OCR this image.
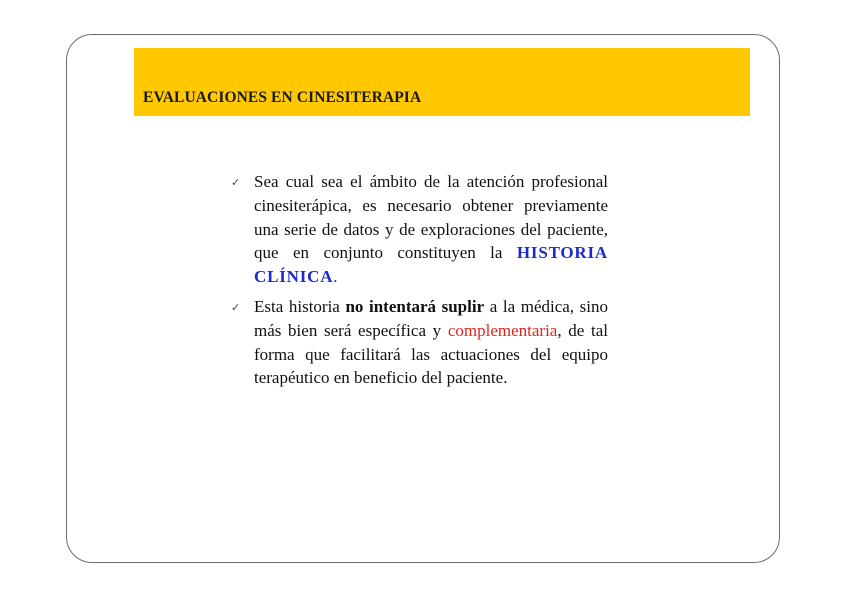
EVALUACIONES EN CINESITERAPIA
✓ Sea cual sea el ámbito de la atención profesional cinesiterápica, es necesario obtener previamente una serie de datos y de exploraciones del paciente, que en conjunto constituyen la HISTORIA CLÍNICA.
✓ Esta historia no intentará suplir a la médica, sino más bien será específica y complementaria, de tal forma que facilitará las actuaciones del equipo terapéutico en beneficio del paciente.
